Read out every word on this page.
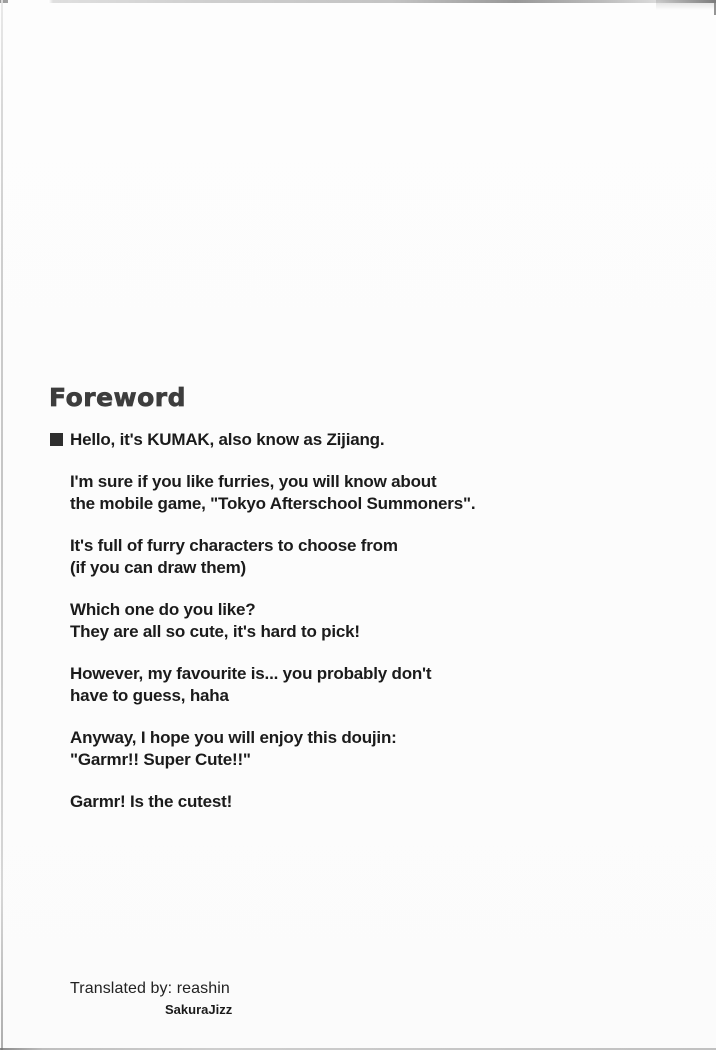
Foreword
Hello, it's KUMAK, also know as Zijiang.

I'm sure if you like furries, you will know about
the mobile game, "Tokyo Afterschool Summoners".

It's full of furry characters to choose from
(if you can draw them)

Which one do you like?
They are all so cute, it's hard to pick!

However, my favourite is... you probably don't
have to guess, haha

Anyway, I hope you will enjoy this doujin:
"Garmr!! Super Cute!!"

Garmr! Is the cutest!

Translated by: reashin
SakuraJizz
